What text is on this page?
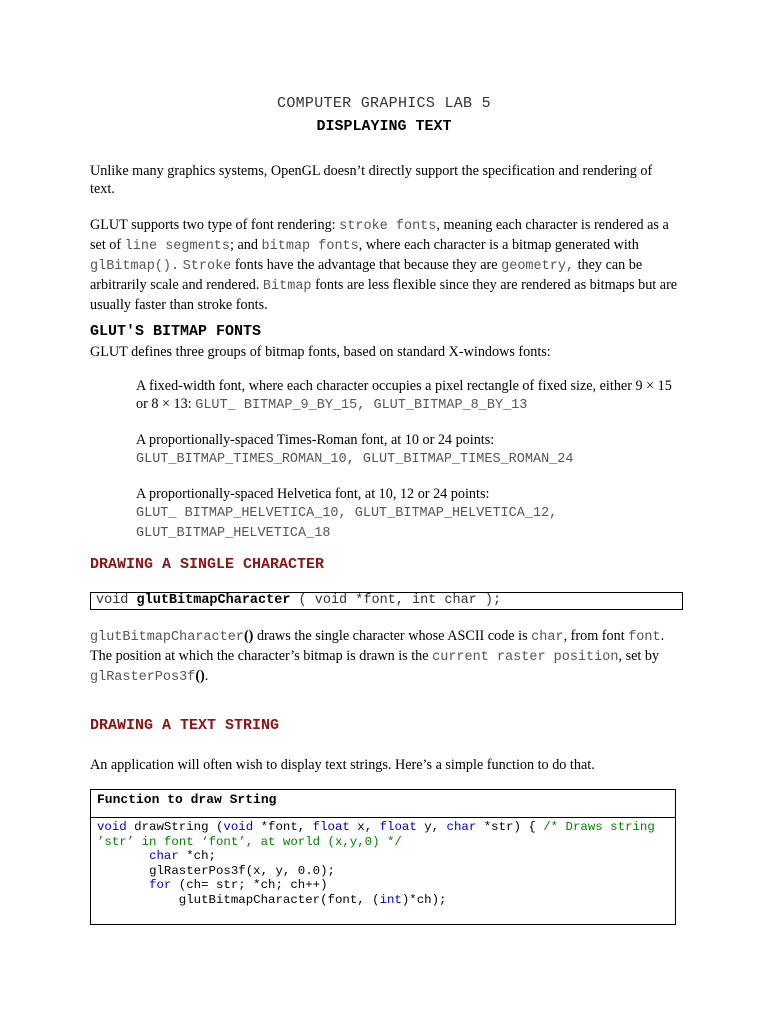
COMPUTER GRAPHICS LAB 5
DISPLAYING TEXT
Unlike many graphics systems, OpenGL doesn’t directly support the specification and rendering of text.
GLUT supports two type of font rendering: stroke fonts, meaning each character is rendered as a set of line segments; and bitmap fonts, where each character is a bitmap generated with glBitmap(). Stroke fonts have the advantage that because they are geometry, they can be arbitrarily scale and rendered. Bitmap fonts are less flexible since they are rendered as bitmaps but are usually faster than stroke fonts.
GLUT'S BITMAP FONTS
GLUT defines three groups of bitmap fonts, based on standard X-windows fonts:
A fixed-width font, where each character occupies a pixel rectangle of fixed size, either 9 × 15 or 8 × 13: GLUT_ BITMAP_9_BY_15, GLUT_BITMAP_8_BY_13
A proportionally-spaced Times-Roman font, at 10 or 24 points:
GLUT_BITMAP_TIMES_ROMAN_10, GLUT_BITMAP_TIMES_ROMAN_24
A proportionally-spaced Helvetica font, at 10, 12 or 24 points:
GLUT_ BITMAP_HELVETICA_10, GLUT_BITMAP_HELVETICA_12, GLUT_BITMAP_HELVETICA_18
DRAWING A SINGLE CHARACTER
void glutBitmapCharacter ( void *font, int char );
glutBitmapCharacter() draws the single character whose ASCII code is char, from font font. The position at which the character’s bitmap is drawn is the current raster position, set by glRasterPos3f().
DRAWING A TEXT STRING
An application will often wish to display text strings. Here’s a simple function to do that.
Function to draw Srting
void drawString (void *font, float x, float y, char *str) { /* Draws string
’str’ in font ‘font’, at world (x,y,0) */
char *ch;
glRasterPos3f(x, y, 0.0);
for (ch= str; *ch; ch++)
glutBitmapCharacter(font, (int)*ch);
